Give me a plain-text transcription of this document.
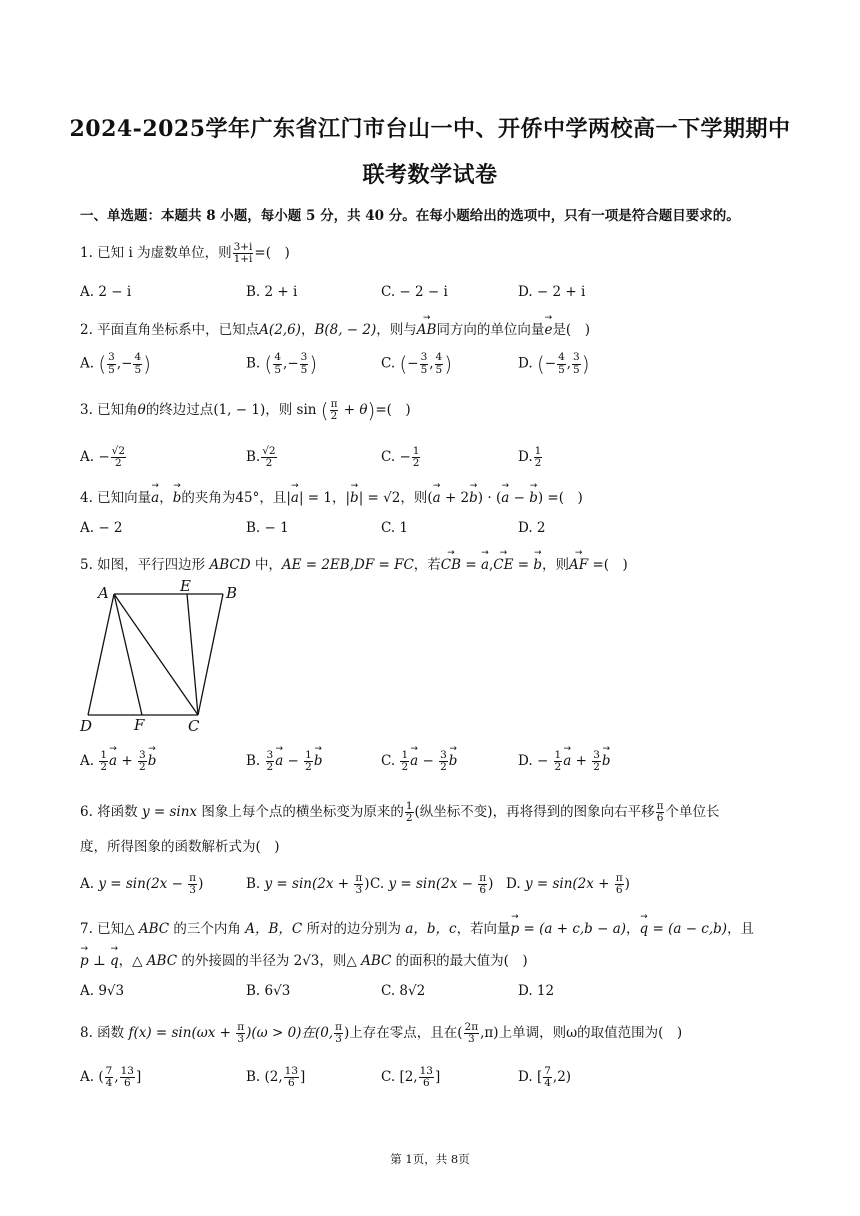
2024-2025学年广东省江门市台山一中、开侨中学两校高一下学期期中
联考数学试卷
一、单选题：本题共 8 小题，每小题 5 分，共 40 分。在每小题给出的选项中，只有一项是符合题目要求的。
1. 已知 i 为虚数单位，则 $\frac{3+i}{1+i}$ =(　)
A. 2 − i	B. 2 + i	C. − 2 − i	D. − 2 + i
2. 平面直角坐标系中，已知点A(2,6)，B(8, − 2)，则与→ AB同方向的单位向量→ e是(　)
A. ( $\frac{3}{5}$ ,− $\frac{4}{5}$ )	B. ( $\frac{4}{5}$ ,− $\frac{3}{5}$ )	C. (− $\frac{3}{5}$ , $\frac{4}{5}$ )	D. (− $\frac{4}{5}$ , $\frac{3}{5}$ )
3. 已知角θ的终边过点(1, − 1)，则 sin ( $\frac{\pi}{2} + \theta)=$(　)
A. − $\frac{√2}{2}$	B. $\frac{√2}{2}$	C. − $\frac{1}{2}$	D. $\frac{1}{2}$
4. 已知向量→ a，→ b的夹角为45°，且|→ a| = 1，|→ b| = √2，则(→ a + 2→ b) · (→ a − → b) =(　)
A. − 2	B. − 1	C. 1	D. 2
5. 如图，平行四边形 ABCD 中，AE = 2EB,DF = FC，若→ CB = → a,→ CE = → b，则→ AF =(　)
A	E B
D	F	C
A. $\frac{1}{2}$
→ $a + \frac{3}{2}$
→ b	B. $\frac{3}{2}$
→ $a - \frac{1}{2}$
→ b	C. $\frac{1}{2}$
→ $a - \frac{3}{2}$
→ b	D. − $\frac{1}{2}$
→ $a + \frac{3}{2}$
→ b
6. 将函数 y = sinx 图象上每个点的横坐标变为原来的 $\frac{1}{2}$ (纵坐标不变)，再将得到的图象向右平移 $\frac{\pi}{6}$ 个单位长
度，所得图象的函数解析式为(　)
A. $y = \sin(2x - \frac{\pi}{3}$ )	B. $y = \sin(2x + \frac{\pi}{3}$ ) C. $y = \sin(2x - \frac{\pi}{6}$ ) D. $y = \sin(2x + \frac{\pi}{6}$ )
7. 已知△ ABC 的三个内角 A，B，C 所对的边分别为 a，b，c，若向量→ p = (a + c,b − a)，→ q = (a − c,b)，且
→ p ⊥ → q，△ ABC 的外接圆的半径为 2√3，则△ ABC 的面积的最大值为(　)
A. 9√3	B. 6√3	C. 8√2	D. 12
8. 函数 $f(x) = \sin(\omega x + \frac{\pi}{3} )(\omega > 0)$在(0, $\frac{\pi}{3}$ )上存在零点，且在( $\frac{2\pi}{3} ,\pi$)上单调，则ω的取值范围为(　)
A. ( $\frac{7}{4}$ , $\frac{13}{6}$ ]	B. (2, $\frac{13}{6}$ ]	C. [2, $\frac{13}{6}$ ]	D. [ $\frac{7}{4} ,2$)
第 1页，共 8页
